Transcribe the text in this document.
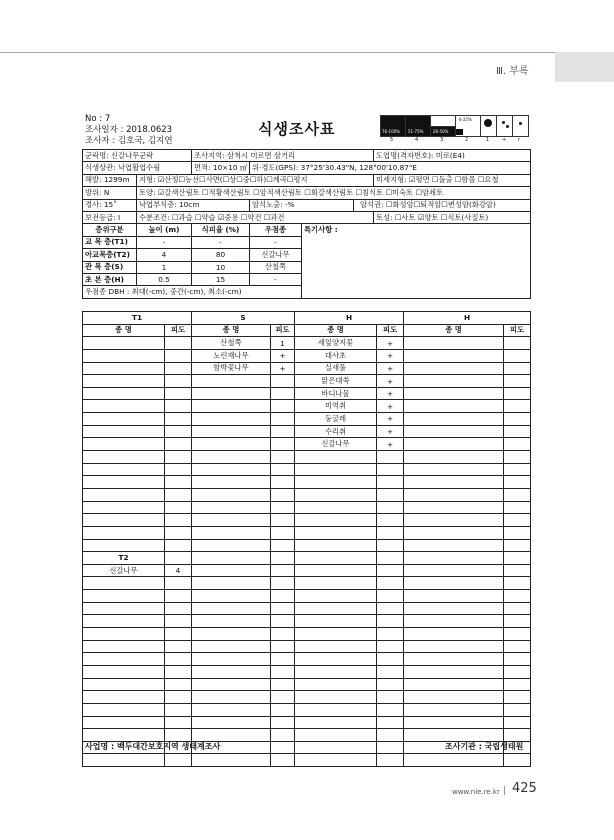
Ⅲ. 부록
No : 7
조사일자 : 2018.0623
조사자 : 김호국, 김지연
식생조사표	76-100% 51-75% 26-50%
6-25%
5	4	3	2	1	+ r
군락명: 신갈나무군락		조사지역: 삼척시 미로면 삼거리				도엽명(격자번호): 미로(E4)
식생상관: 낙엽활엽수림		면적: 10×10 ㎡	위·경도(GPS): 37°25'30.43"N, 128°00'10.87"E			
해발: 1299m	지형: ☑산정☐능선☐사면(☐상☐중☐하)☐계곡☐평지					미세지형: ☑평면 ☐돌출 ☐함몰 ☐요철
방위: N	토양: ☑갈색산림토 ☐적황색산림토 ☐암적색산림토 ☐회갈색산림토 ☐침식토 ☐미숙토 ☐암쇄토					
경사: 15˚	낙엽부식층: 10cm		암석노출: -%		암석권: ☐화성암☐퇴적암☐변성암(화강암)	
보전등급: Ⅰ	수분조건: ☐과습 ☐약습 ☑중용 ☐약건 ☐과건					토성: ☐사토 ☑양토 ☐식토(사질토)
층위구분	높이 (m)	식피율 (%)	우점종	특기사항 :		
교 목 층(T1)	-	-	-			
아교목층(T2)	4	80	신갈나무			
관 목 층(S)	1	10	산철쭉			
초 본 층(H)	0.5	15	-			
우점종 DBH : 최대(-cm), 중간(-cm), 최소(-cm)						
T1		S		H		H	
종 명	피도	종 명	피도	종 명	피도	종 명	피도
		산철쭉	1	세잎양지꽃	+		
		노린재나무	+	대사초	+		
		함박꽃나무	+	실새풀	+		
				맑은대쑥	+		
				바디나물	+		
				미역취	+		
				둥굴레	+		
				수리취	+		
				신갈나무	+		

T2							
신갈나무	4						

사업명 : 백두대간보호지역 생태계조사	조사기관 : 국립생태원
www.nie.re.kr 425
